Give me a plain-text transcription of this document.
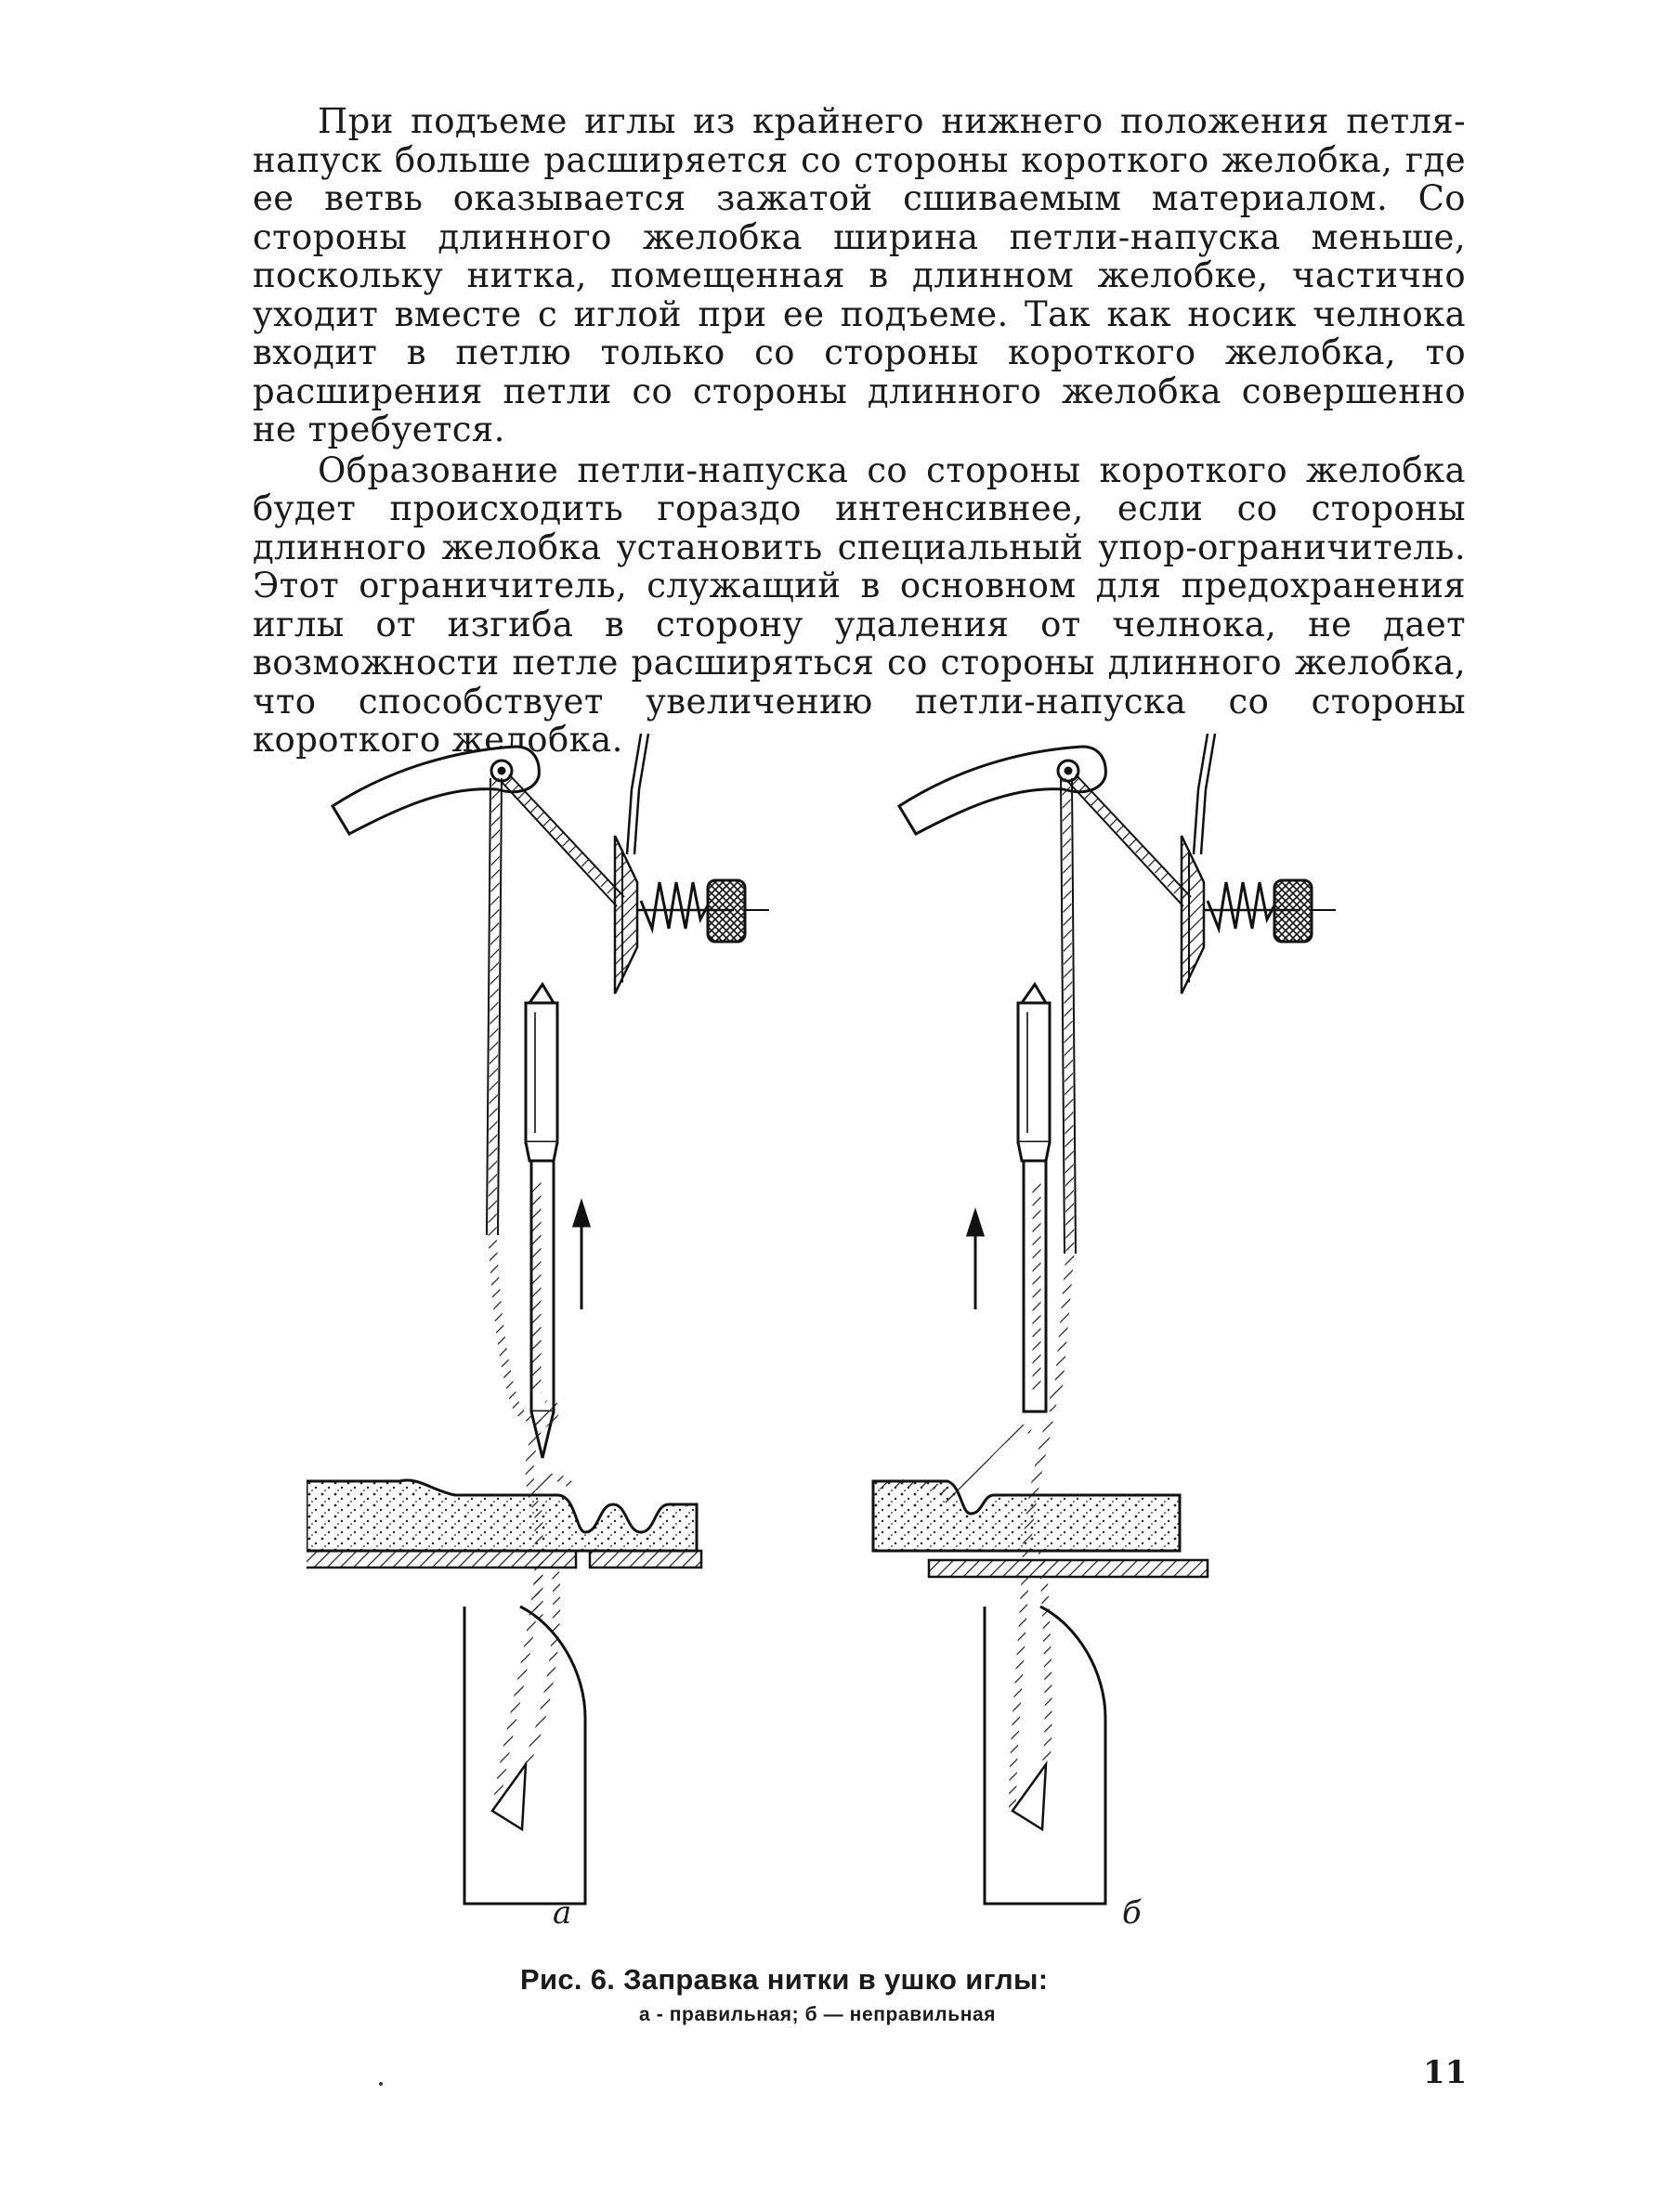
При подъеме иглы из крайнего нижнего положения петля-напуск больше расширяется со стороны короткого желобка, где ее ветвь оказывается зажатой сшиваемым материалом. Со стороны длинного желобка ширина петли-напуска меньше, поскольку нитка, помещенная в длинном желобке, частично уходит вместе с иглой при ее подъеме. Так как носик челнока входит в петлю только со стороны короткого желобка, то расширения петли со стороны длинного желобка совершенно не требуется.

Образование петли-напуска со стороны короткого желобка будет происходить гораздо интенсивнее, если со стороны длинного желобка установить специальный упор-ограничитель. Этот ограничитель, служащий в основном для предохранения иглы от изгиба в сторону удаления от челнока, не дает возможности петле расширяться со стороны длинного желобка, что способствует увеличению петли-напуска со стороны короткого желобка.

а	б
Рис. 6. Заправка нитки в ушко иглы:
а - правильная; б — неправильная
11
